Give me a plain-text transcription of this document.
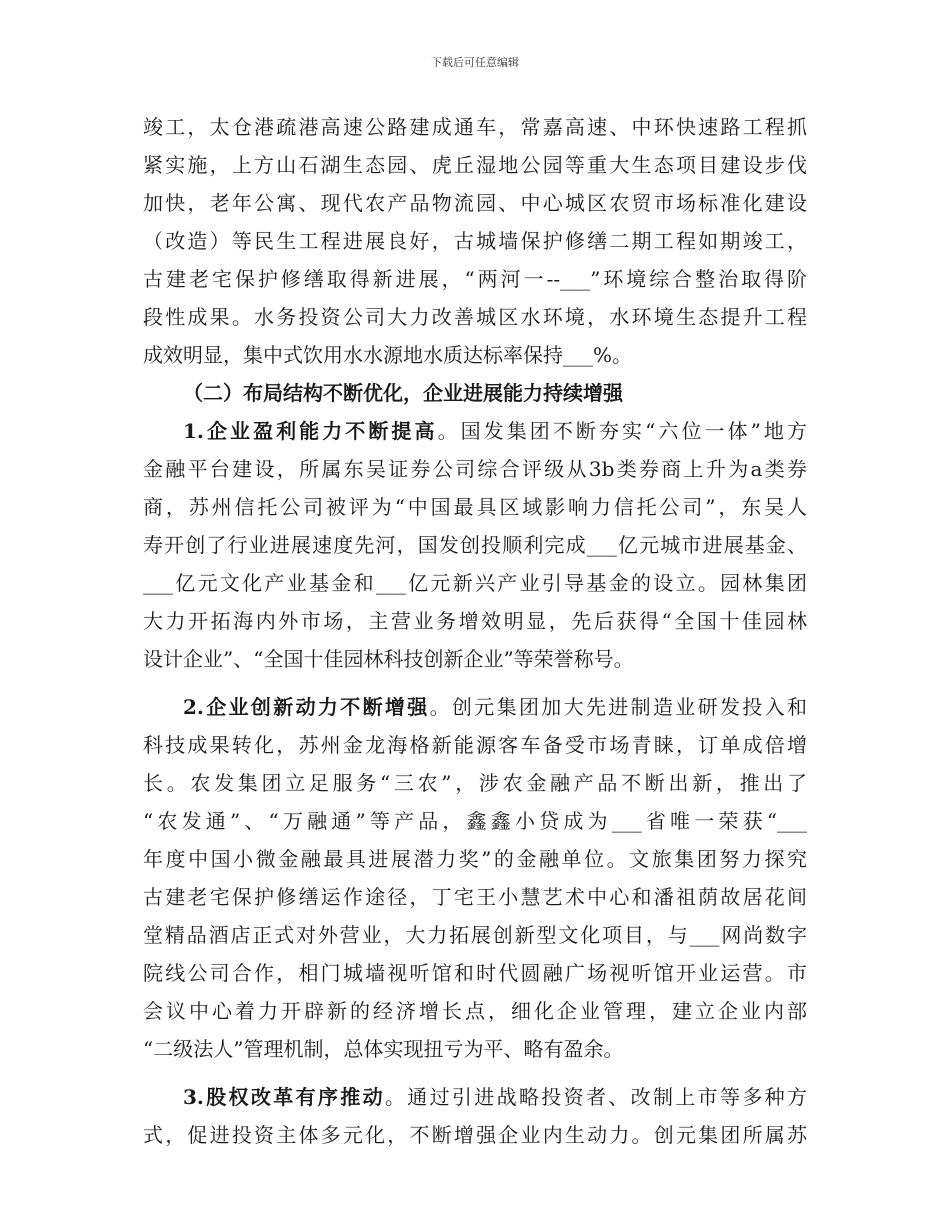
下载后可任意编辑
竣工，太仓港疏港高速公路建成通车，常嘉高速、中环快速路工程抓
紧实施，上方山石湖生态园、虎丘湿地公园等重大生态项目建设步伐
加快，老年公寓、现代农产品物流园、中心城区农贸市场标准化建设
（改造）等民生工程进展良好，古城墙保护修缮二期工程如期竣工，
古建老宅保护修缮取得新进展，“两河一--___”环境综合整治取得阶
段性成果。水务投资公司大力改善城区水环境，水环境生态提升工程
成效明显，集中式饮用水水源地水质达标率保持___%。
（二）布局结构不断优化，企业进展能力持续增强
1.企业盈利能力不断提高。国发集团不断夯实“六位一体”地方
金融平台建设，所属东吴证券公司综合评级从3b类券商上升为a类券
商，苏州信托公司被评为“中国最具区域影响力信托公司”，东吴人
寿开创了行业进展速度先河，国发创投顺利完成___亿元城市进展基金、
___亿元文化产业基金和___亿元新兴产业引导基金的设立。园林集团
大力开拓海内外市场，主营业务增效明显，先后获得“全国十佳园林
设计企业”、“全国十佳园林科技创新企业”等荣誉称号。
2.企业创新动力不断增强。创元集团加大先进制造业研发投入和
科技成果转化，苏州金龙海格新能源客车备受市场青睐，订单成倍增
长。农发集团立足服务“三农”，涉农金融产品不断出新，推出了
“农发通”、“万融通”等产品，鑫鑫小贷成为___省唯一荣获“___
年度中国小微金融最具进展潜力奖”的金融单位。文旅集团努力探究
古建老宅保护修缮运作途径，丁宅王小慧艺术中心和潘祖荫故居花间
堂精品酒店正式对外营业，大力拓展创新型文化项目，与___网尚数字
院线公司合作，相门城墙视听馆和时代圆融广场视听馆开业运营。市
会议中心着力开辟新的经济增长点，细化企业管理，建立企业内部
“二级法人”管理机制，总体实现扭亏为平、略有盈余。
3.股权改革有序推动。通过引进战略投资者、改制上市等多种方
式，促进投资主体多元化，不断增强企业内生动力。创元集团所属苏
